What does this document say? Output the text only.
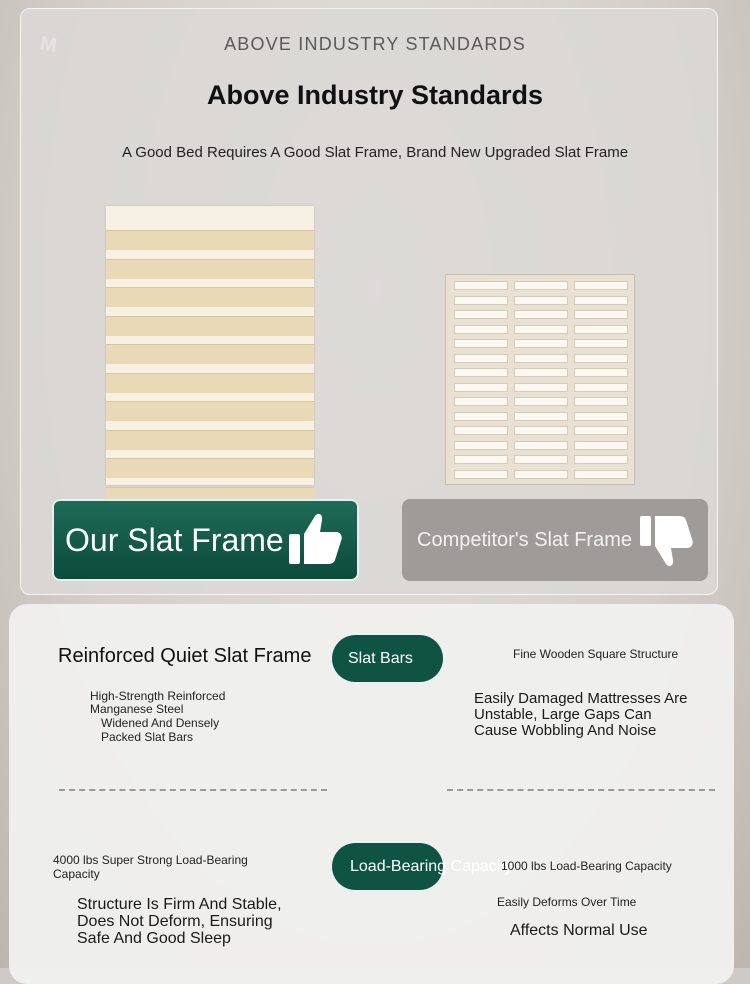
M	ABOVE INDUSTRY STANDARDS
Above Industry Standards
A Good Bed Requires A Good Slat Frame, Brand New Upgraded Slat Frame
Our Slat Frame	Competitor's Slat Frame
Reinforced Quiet Slat Frame	Slat Bars	Fine Wooden Square Structure
High-Strength Reinforced Manganese Steel
Widened And Densely Packed Slat Bars
Easily Damaged Mattresses Are Unstable, Large Gaps Can Cause Wobbling And Noise
4000 lbs Super Strong Load-Bearing Capacity	Load-Bearing Capacity
1000 lbs Load-Bearing Capacity
Structure Is Firm And Stable, Does Not Deform, Ensuring Safe And Good Sleep
Easily Deforms Over Time
Affects Normal Use
